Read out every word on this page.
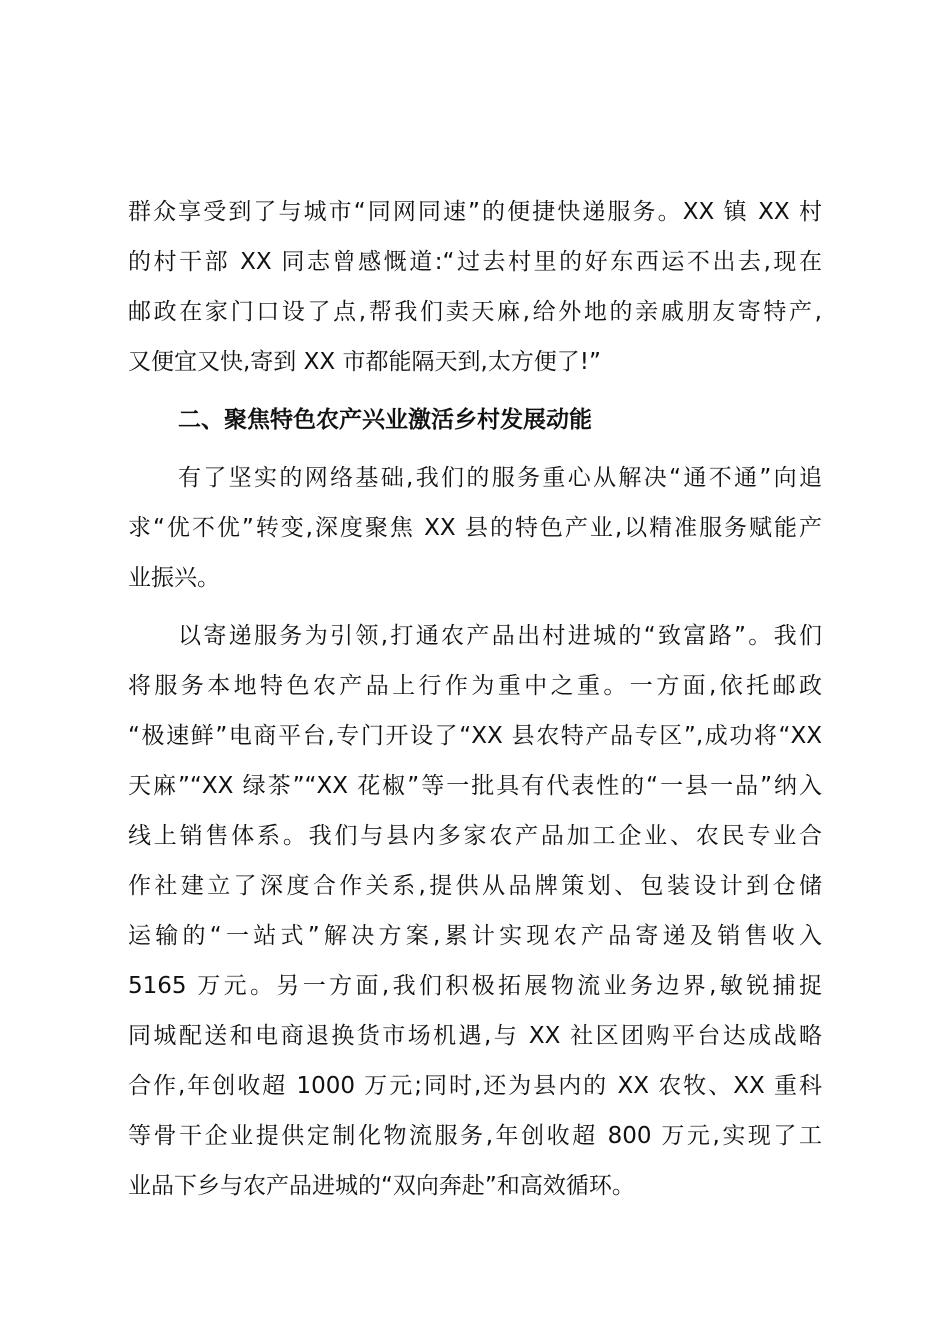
群众享受到了与城市“同网同速”的便捷快递服务。XX 镇 XX 村
的村干部 XX 同志曾感慨道:“过去村里的好东西运不出去,现在
邮政在家门口设了点,帮我们卖天麻,给外地的亲戚朋友寄特产,
又便宜又快,寄到 XX 市都能隔天到,太方便了!”
二、聚焦特色农产兴业激活乡村发展动能
有了坚实的网络基础,我们的服务重心从解决“通不通”向追
求“优不优”转变,深度聚焦 XX 县的特色产业,以精准服务赋能产
业振兴。
以寄递服务为引领,打通农产品出村进城的“致富路”。我们
将服务本地特色农产品上行作为重中之重。一方面,依托邮政
“极速鲜”电商平台,专门开设了“XX 县农特产品专区”,成功将“XX
天麻”“XX 绿茶”“XX 花椒”等一批具有代表性的“一县一品”纳入
线上销售体系。我们与县内多家农产品加工企业、农民专业合
作社建立了深度合作关系,提供从品牌策划、包装设计到仓储
运输的“一站式”解决方案,累计实现农产品寄递及销售收入
5165 万元。另一方面,我们积极拓展物流业务边界,敏锐捕捉
同城配送和电商退换货市场机遇,与 XX 社区团购平台达成战略
合作,年创收超 1000 万元;同时,还为县内的 XX 农牧、XX 重科
等骨干企业提供定制化物流服务,年创收超 800 万元,实现了工
业品下乡与农产品进城的“双向奔赴”和高效循环。
